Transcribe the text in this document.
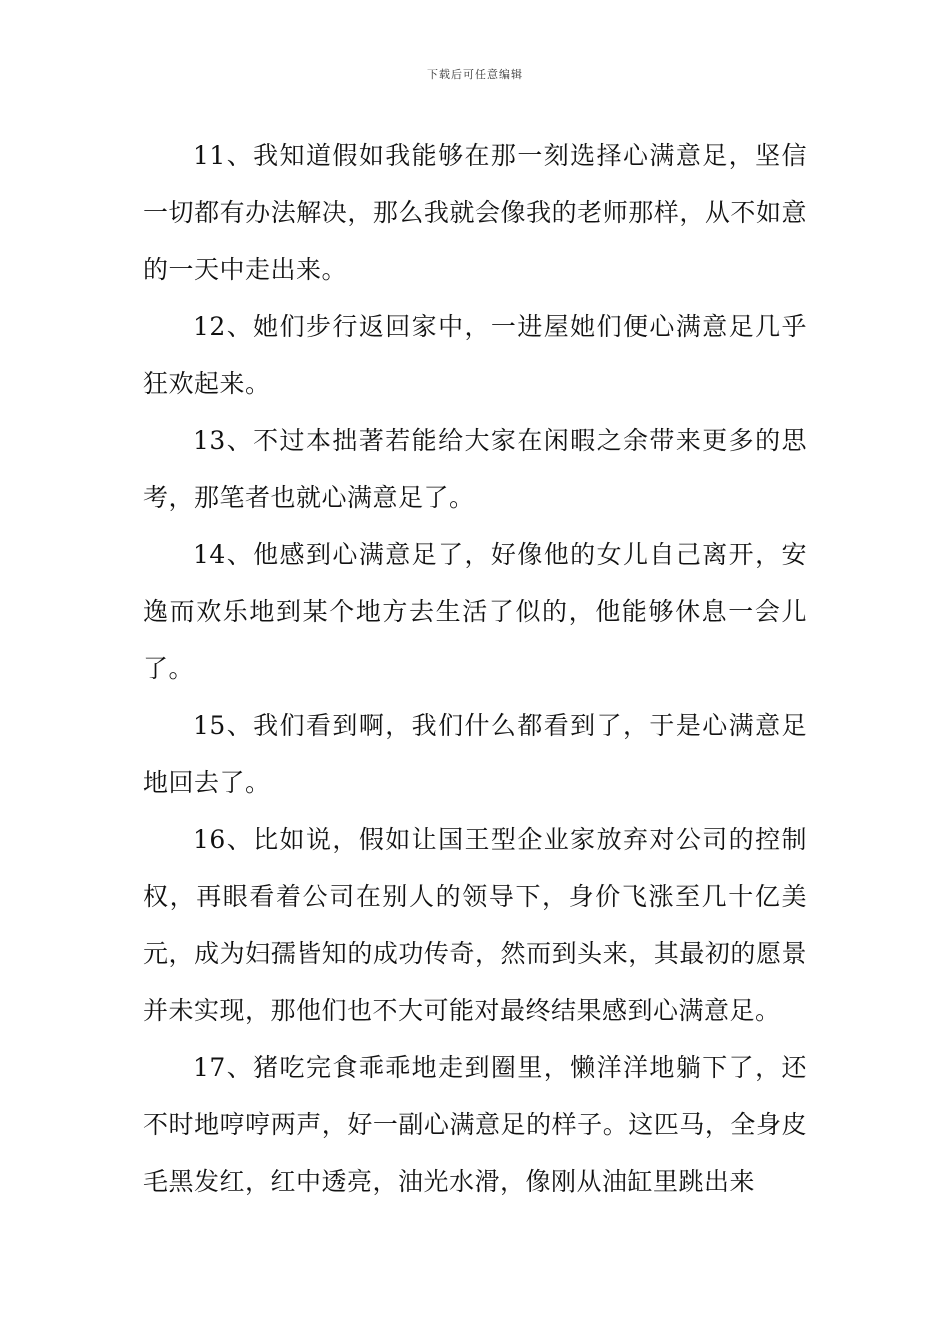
下载后可任意编辑

11、我知道假如我能够在那一刻选择心满意足，坚信一切都有办法解决，那么我就会像我的老师那样，从不如意的一天中走出来。

12、她们步行返回家中，一进屋她们便心满意足几乎狂欢起来。

13、不过本拙著若能给大家在闲暇之余带来更多的思考，那笔者也就心满意足了。

14、他感到心满意足了，好像他的女儿自己离开，安逸而欢乐地到某个地方去生活了似的，他能够休息一会儿了。

15、我们看到啊，我们什么都看到了，于是心满意足地回去了。

16、比如说，假如让国王型企业家放弃对公司的控制权，再眼看着公司在别人的领导下，身价飞涨至几十亿美元，成为妇孺皆知的成功传奇，然而到头来，其最初的愿景并未实现，那他们也不大可能对最终结果感到心满意足。

17、猪吃完食乖乖地走到圈里，懒洋洋地躺下了，还不时地哼哼两声，好一副心满意足的样子。这匹马，全身皮毛黑发红，红中透亮，油光水滑，像刚从油缸里跳出来
